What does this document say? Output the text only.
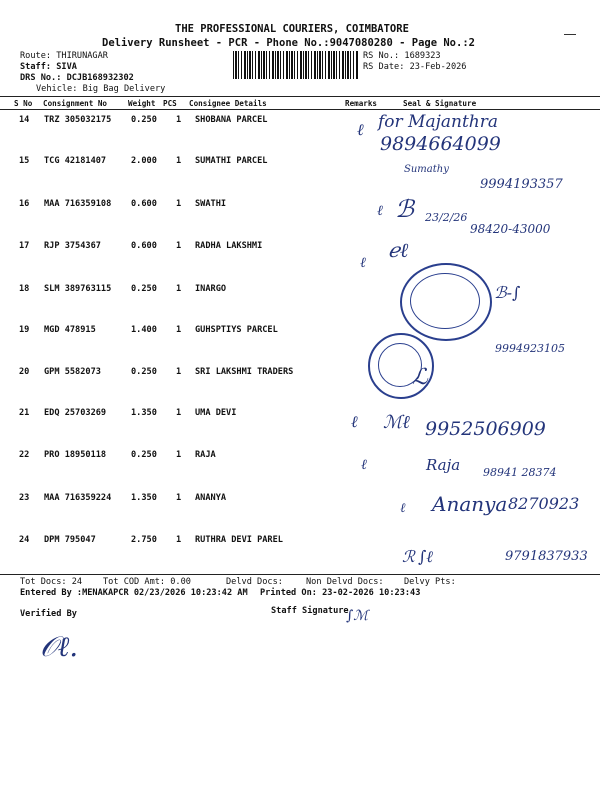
THE PROFESSIONAL COURIERS, COIMBATORE
Delivery Runsheet - PCR - Phone No.:9047080280 - Page No.:2
Route: THIRUNAGAR
Staff: SIVA
DRS No.: DCJB168932302
Vehicle: Big Bag Delivery
RS No.: 1689323
RS Date: 23-Feb-2026
S No Consignment No	Weight PCS Consignee Details	Remarks	Seal & Signature
14 TRZ 305032175 0.250 1 SHOBANA PARCEL
15 TCG 42181407	2.000 1 SUMATHI PARCEL
16 MAA 716359108 0.600 1 SWATHI
17 RJP 3754367	0.600 1 RADHA LAKSHMI
18 SLM 389763115 0.250 1 INARGO
19 MGD 478915	1.400 1 GUHSPTIYS PARCEL
20 GPM 5582073	0.250 1 SRI LAKSHMI TRADERS
21 EDQ 25703269	1.350 1 UMA DEVI
22 PRO 18950118	0.250 1 RAJA
23 MAA 716359224 1.350 1 ANANYA
24 DPM 795047	2.750 1 RUTHRA DEVI PAREL
ℓ for Majanthra
9894664099
Sumathy
9994193357
ℓ ℬ 23/2/26
98420-43000
ℓ
ℯℓ
ℬ-∫
9994923105
ℒ
ℓ ℳℓ 9952506909
ℓ	Raja 98941 28374
ℓ Ananya 8270923
ℛ ∫ℓ	9791837933
Tot Docs: 24 Tot COD Amt: 0.00	Delvd Docs:	Non Delvd Docs: Delvy Pts:
Entered By :MENAKAPCR 02/23/2026 10:23:42 AM Printed On: 23-02-2026 10:23:43
Verified By	Staff Signature
∫ℳ
𝒪ℓ.
